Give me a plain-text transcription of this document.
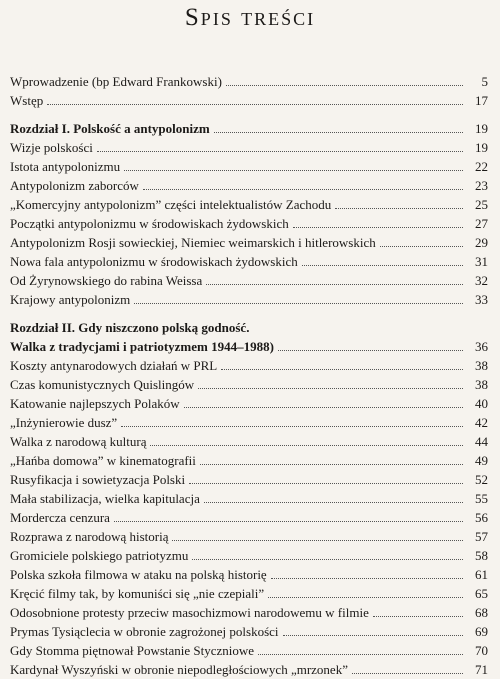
Spis treści
Wprowadzenie (bp Edward Frankowski)	5
Wstęp	17
Rozdział I. Polskość a antypolonizm	19
Wizje polskości	19
Istota antypolonizmu	22
Antypolonizm zaborców	23
„Komercyjny antypolonizm” części intelektualistów Zachodu	25
Początki antypolonizmu w środowiskach żydowskich	27
Antypolonizm Rosji sowieckiej, Niemiec weimarskich i hitlerowskich	29
Nowa fala antypolonizmu w środowiskach żydowskich	31
Od Żyrynowskiego do rabina Weissa	32
Krajowy antypolonizm	33
Rozdział II. Gdy niszczono polską godność.
Walka z tradycjami i patriotyzmem 1944–1988)	36
Koszty antynarodowych działań w PRL	38
Czas komunistycznych Quislingów	38
Katowanie najlepszych Polaków	40
„Inżynierowie dusz”	42
Walka z narodową kulturą	44
„Hańba domowa” w kinematografii	49
Rusyfikacja i sowietyzacja Polski	52
Mała stabilizacja, wielka kapitulacja	55
Mordercza cenzura	56
Rozprawa z narodową historią	57
Gromiciele polskiego patriotyzmu	58
Polska szkoła filmowa w ataku na polską historię	61
Kręcić filmy tak, by komuniści się „nie czepiali”	65
Odosobnione protesty przeciw masochizmowi narodowemu w filmie	68
Prymas Tysiąclecia w obronie zagrożonej polskości	69
Gdy Stomma piętnował Powstanie Styczniowe	70
Kardynał Wyszyński w obronie niepodległościowych „mrzonek”	71
